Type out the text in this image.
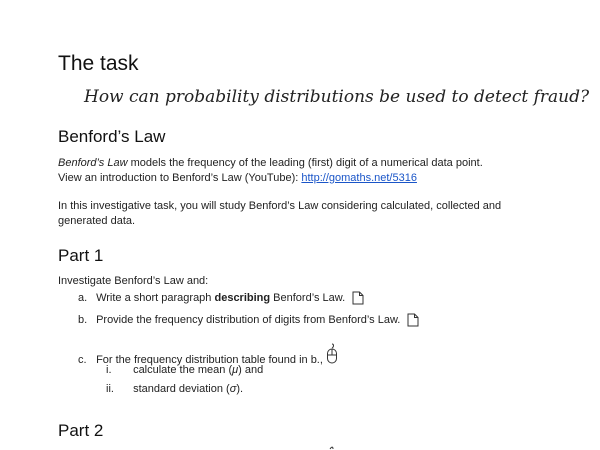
The task
How can probability distributions be used to detect fraud?
Benford’s Law
Benford’s Law models the frequency of the leading (first) digit of a numerical data point.
View an introduction to Benford’s Law (YouTube): http://gomaths.net/5316
In this investigative task, you will study Benford’s Law considering calculated, collected and
generated data.
Part 1
Investigate Benford’s Law and:
a. Write a short paragraph describing Benford’s Law.
b. Provide the frequency distribution of digits from Benford’s Law.
c. For the frequency distribution table found in b.,
i. calculate the mean (μ) and
ii. standard deviation (σ).
Part 2
